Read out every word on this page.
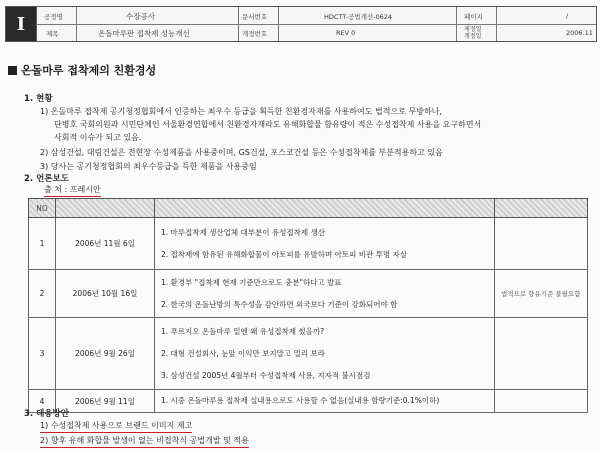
I	공정명	수장공사	문서번호	HDCTT-공법개선-0624	페이지	/
제목	온돌마루판 접착제 성능개선	개정번호	REV 0	제정일 개정일	2006.11
온돌마루 접착제의 친환경성
1. 현황
1) 온돌마루 접착제 공기청정협회에서 인증하는 최우수 등급을 획득한 친환경자재를 사용하여도 법적으로 무방하나,
단병호 국회의원과 시민단체인 서울환경연합에서 친환경자재라도 유해화합물 함유량이 적은 수성접착제 사용을 요구하면서
사회적 이슈가 되고 있음.
2) 삼성건설, 대림건설은 전현장 수성제품을 사용중이며, GS건설, 포스코건설 등은 수성접착제를 부분적용하고 있음
3) 당사는 공기청정협회의 최우수등급을 득한 제품을 사용중임
2. 언론보도
출 처 : 프레시안
NO			
1	2006년 11월 6일	1. 마루접착제 생산업체 대부분이 유성접착제 생산
2. 접착제에 함유된 유해화합물이 아토피를 유발하며 아토피 비관 투명 자살	

2	2006년 10월 16일	1. 환경부 "접착제 현재 기준만으로도 충분"하다고 발표
2. 한국의 온돌난방의 특수성을 감안하면 외국보다 기준이 강화되어야 함	법적으로 향유기준 불필요함
3	2006년 9월 26일	1. 푸르지오 온돌마루 밑엔 왜 유성접착제 썼을까?
2. 대형 건설회사, 눈앞 이익만 보지말고 멀리 보라
3. 삼성건설 2005년 4월부터 수성접착제 사용, 지자적 불시점검	

4	2006년 9월 11일	1. 시중 온돌마루용 접착제 실내용으로도 사용할 수 없음(실내용 함량기준:0.1%이하)	

3. 대응방안
1) 수성접착제 사용으로 브랜드 이미지 제고
2) 향후 유해 화합물 발생이 없는 비접착식 공법개발 및 적용
